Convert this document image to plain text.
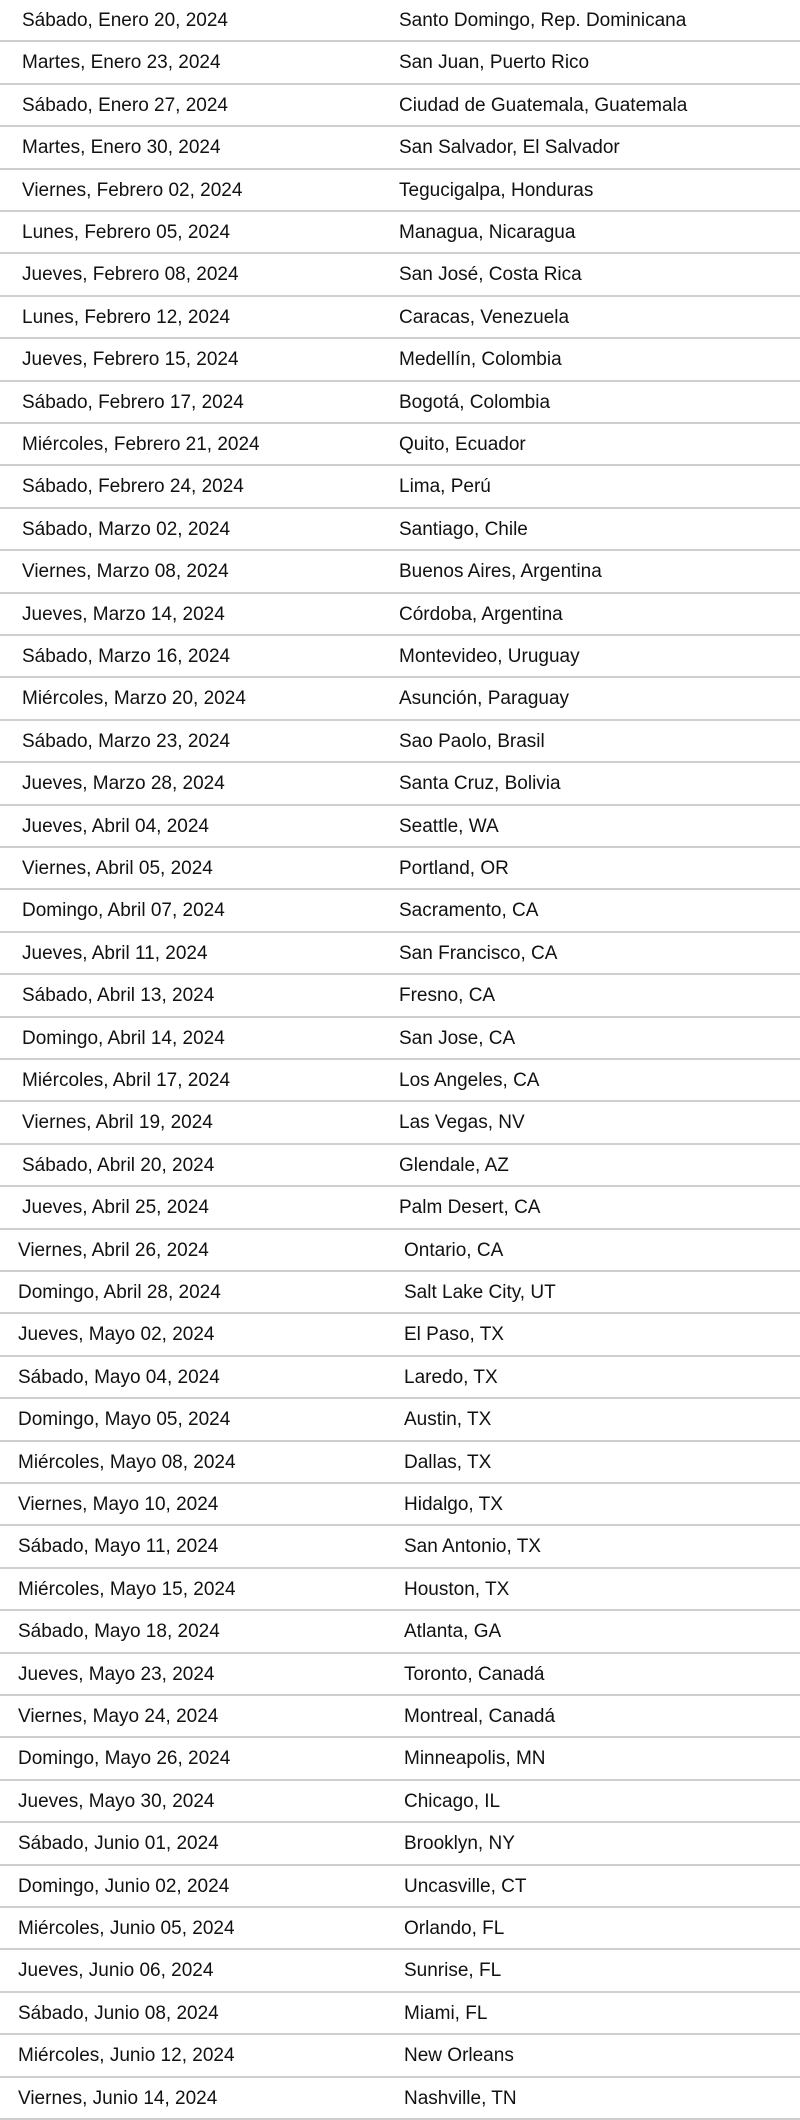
Sábado, Enero 20, 2024	Santo Domingo, Rep. Dominicana
Martes, Enero 23, 2024	San Juan, Puerto Rico
Sábado, Enero 27, 2024	Ciudad de Guatemala, Guatemala
Martes, Enero 30, 2024	San Salvador, El Salvador
Viernes, Febrero 02, 2024	Tegucigalpa, Honduras
Lunes, Febrero 05, 2024	Managua, Nicaragua
Jueves, Febrero 08, 2024	San José, Costa Rica
Lunes, Febrero 12, 2024	Caracas, Venezuela
Jueves, Febrero 15, 2024	Medellín, Colombia
Sábado, Febrero 17, 2024	Bogotá, Colombia
Miércoles, Febrero 21, 2024	Quito, Ecuador
Sábado, Febrero 24, 2024	Lima, Perú
Sábado, Marzo 02, 2024	Santiago, Chile
Viernes, Marzo 08, 2024	Buenos Aires, Argentina
Jueves, Marzo 14, 2024	Córdoba, Argentina
Sábado, Marzo 16, 2024	Montevideo, Uruguay
Miércoles, Marzo 20, 2024	Asunción, Paraguay
Sábado, Marzo 23, 2024	Sao Paolo, Brasil
Jueves, Marzo 28, 2024	Santa Cruz, Bolivia
Jueves, Abril 04, 2024	Seattle, WA
Viernes, Abril 05, 2024	Portland, OR
Domingo, Abril 07, 2024	Sacramento, CA
Jueves, Abril 11, 2024	San Francisco, CA
Sábado, Abril 13, 2024	Fresno, CA
Domingo, Abril 14, 2024	San Jose, CA
Miércoles, Abril 17, 2024	Los Angeles, CA
Viernes, Abril 19, 2024	Las Vegas, NV
Sábado, Abril 20, 2024	Glendale, AZ
Jueves, Abril 25, 2024	Palm Desert, CA
Viernes, Abril 26, 2024	Ontario, CA
Domingo, Abril 28, 2024	Salt Lake City, UT
Jueves, Mayo 02, 2024	El Paso, TX
Sábado, Mayo 04, 2024	Laredo, TX
Domingo, Mayo 05, 2024	Austin, TX
Miércoles, Mayo 08, 2024	Dallas, TX
Viernes, Mayo 10, 2024	Hidalgo, TX
Sábado, Mayo 11, 2024	San Antonio, TX
Miércoles, Mayo 15, 2024	Houston, TX
Sábado, Mayo 18, 2024	Atlanta, GA
Jueves, Mayo 23, 2024	Toronto, Canadá
Viernes, Mayo 24, 2024	Montreal, Canadá
Domingo, Mayo 26, 2024	Minneapolis, MN
Jueves, Mayo 30, 2024	Chicago, IL
Sábado, Junio 01, 2024	Brooklyn, NY
Domingo, Junio 02, 2024	Uncasville, CT
Miércoles, Junio 05, 2024	Orlando, FL
Jueves, Junio 06, 2024	Sunrise, FL
Sábado, Junio 08, 2024	Miami, FL
Miércoles, Junio 12, 2024	New Orleans
Viernes, Junio 14, 2024	Nashville, TN
